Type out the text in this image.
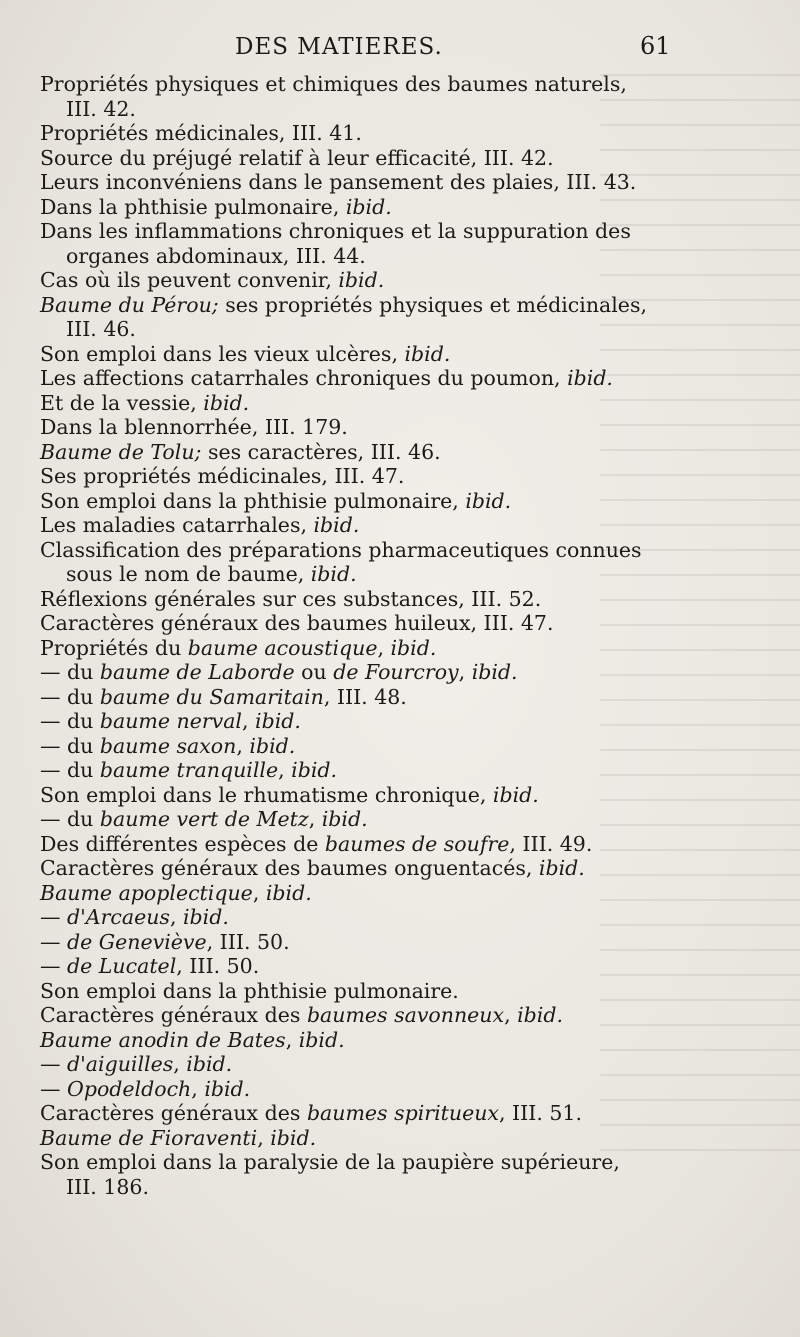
DES MATIERES.	61
Propriétés physiques et chimiques des baumes naturels,
III. 42.
Propriétés médicinales, III. 41.
Source du préjugé relatif à leur efficacité, III. 42.
Leurs inconvéniens dans le pansement des plaies, III. 43.
Dans la phthisie pulmonaire, ibid.
Dans les inflammations chroniques et la suppuration des
organes abdominaux, III. 44.
Cas où ils peuvent convenir, ibid.
Baume du Pérou; ses propriétés physiques et médicinales,
III. 46.
Son emploi dans les vieux ulcères, ibid.
Les affections catarrhales chroniques du poumon, ibid.
Et de la vessie, ibid.
Dans la blennorrhée, III. 179.
Baume de Tolu; ses caractères, III. 46.
Ses propriétés médicinales, III. 47.
Son emploi dans la phthisie pulmonaire, ibid.
Les maladies catarrhales, ibid.
Classification des préparations pharmaceutiques connues
sous le nom de baume, ibid.
Réflexions générales sur ces substances, III. 52.
Caractères généraux des baumes huileux, III. 47.
Propriétés du baume acoustique, ibid.
— du baume de Laborde ou de Fourcroy, ibid.
— du baume du Samaritain, III. 48.
— du baume nerval, ibid.
— du baume saxon, ibid.
— du baume tranquille, ibid.
Son emploi dans le rhumatisme chronique, ibid.
— du baume vert de Metz, ibid.
Des différentes espèces de baumes de soufre, III. 49.
Caractères généraux des baumes onguentacés, ibid.
Baume apoplectique, ibid.
— d'Arcaeus, ibid.
— de Geneviève, III. 50.
— de Lucatel, III. 50.
Son emploi dans la phthisie pulmonaire.
Caractères généraux des baumes savonneux, ibid.
Baume anodin de Bates, ibid.
— d'aiguilles, ibid.
— Opodeldoch, ibid.
Caractères généraux des baumes spiritueux, III. 51.
Baume de Fioraventi, ibid.
Son emploi dans la paralysie de la paupière supérieure,
III. 186.
